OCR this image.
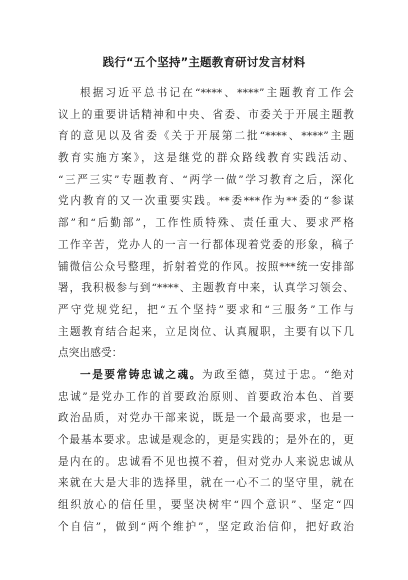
践行“五个坚持”主题教育研讨发言材料
根据习近平总书记在“****、****”主题教育工作会
议上的重要讲话精神和中央、省委、市委关于开展主题教
育的意见以及省委《关于开展第二批“****、****”主题
教育实施方案》，这是继党的群众路线教育实践活动、
“三严三实”专题教育、“两学一做”学习教育之后，深化
党内教育的又一次重要实践。**委***作为**委的“参谋
部”和“后勤部”，工作性质特殊、责任重大、要求严格
工作辛苦，党办人的一言一行都体现着党委的形象，稿子
铺微信公众号整理，折射着党的作风。按照***统一安排部
署，我积极参与到“****、主题教育中来，认真学习领会、
严守党规党纪，把“五个坚持”要求和“三服务”工作与
主题教育结合起来，立足岗位、认真履职，主要有以下几
点突出感受：
一是要常铸忠诚之魂。为政至德，莫过于忠。“绝对
忠诚”是党办工作的首要政治原则、首要政治本色、首要
政治品质，对党办干部来说，既是一个最高要求，也是一
个最基本要求。忠诚是观念的，更是实践的；是外在的，更
是内在的。忠诚看不见也摸不着，但对党办人来说忠诚从
来就在大是大非的选择里，就在一心不二的坚守里，就在
组织放心的信任里，要坚决树牢“四个意识”、坚定“四
个自信”，做到“两个维护”，坚定政治信仰，把好政治
